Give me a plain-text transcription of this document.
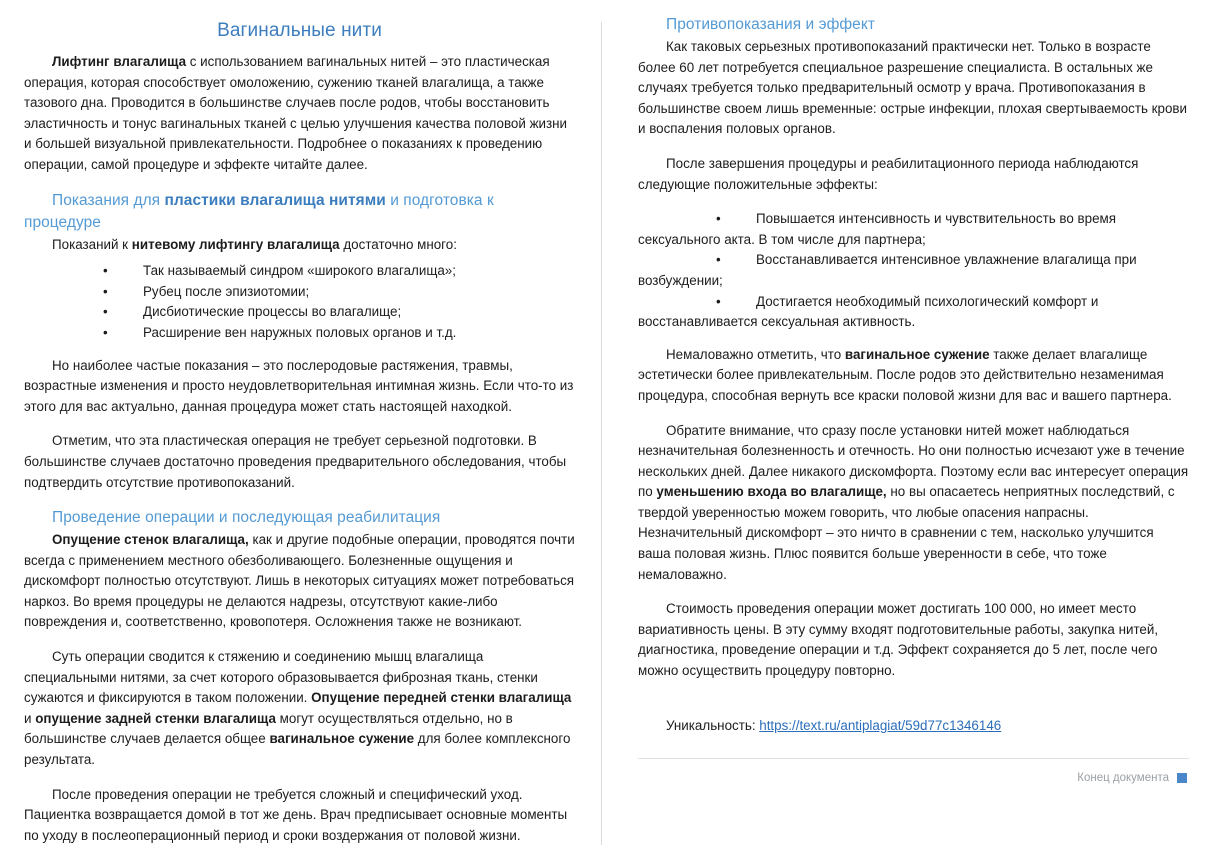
Вагинальные нити

Лифтинг влагалища с использованием вагинальных нитей – это пластическая операция, которая способствует омоложению, сужению тканей влагалища, а также тазового дна. Проводится в большинстве случаев после родов, чтобы восстановить эластичность и тонус вагинальных тканей с целью улучшения качества половой жизни и большей визуальной привлекательности. Подробнее о показаниях к проведению операции, самой процедуре и эффекте читайте далее.

Показания для пластики влагалища нитями и подготовка к процедуре

Показаний к нитевому лифтингу влагалища достаточно много:

•	Так называемый синдром «широкого влагалища»;
•	Рубец после эпизиотомии;
•	Дисбиотические процессы во влагалище;
•	Расширение вен наружных половых органов и т.д.

Но наиболее частые показания – это послеродовые растяжения, травмы, возрастные изменения и просто неудовлетворительная интимная жизнь. Если что-то из этого для вас актуально, данная процедура может стать настоящей находкой.

Отметим, что эта пластическая операция не требует серьезной подготовки. В большинстве случаев достаточно проведения предварительного обследования, чтобы подтвердить отсутствие противопоказаний.

Проведение операции и последующая реабилитация

Опущение стенок влагалища, как и другие подобные операции, проводятся почти всегда с применением местного обезболивающего. Болезненные ощущения и дискомфорт полностью отсутствуют. Лишь в некоторых ситуациях может потребоваться наркоз. Во время процедуры не делаются надрезы, отсутствуют какие-либо повреждения и, соответственно, кровопотеря. Осложнения также не возникают.

Суть операции сводится к стяжению и соединению мышц влагалища специальными нитями, за счет которого образовывается фиброзная ткань, стенки сужаются и фиксируются в таком положении. Опущение передней стенки влагалища и опущение задней стенки влагалища могут осуществляться отдельно, но в большинстве случаев делается общее вагинальное сужение для более комплексного результата.

После проведения операции не требуется сложный и специфический уход. Пациентка возвращается домой в тот же день. Врач предписывает основные моменты по уходу в послеоперационный период и сроки воздержания от половой жизни.

Противопоказания и эффект

Как таковых серьезных противопоказаний практически нет. Только в возрасте более 60 лет потребуется специальное разрешение специалиста. В остальных же случаях требуется только предварительный осмотр у врача. Противопоказания в большинстве своем лишь временные: острые инфекции, плохая свертываемость крови и воспаления половых органов.

После завершения процедуры и реабилитационного периода наблюдаются следующие положительные эффекты:

•	Повышается интенсивность и чувствительность во время сексуального акта. В том числе для партнера;
•	Восстанавливается интенсивное увлажнение влагалища при возбуждении;
•	Достигается необходимый психологический комфорт и восстанавливается сексуальная активность.

Немаловажно отметить, что вагинальное сужение также делает влагалище эстетически более привлекательным. После родов это действительно незаменимая процедура, способная вернуть все краски половой жизни для вас и вашего партнера.

Обратите внимание, что сразу после установки нитей может наблюдаться незначительная болезненность и отечность. Но они полностью исчезают уже в течение нескольких дней. Далее никакого дискомфорта. Поэтому если вас интересует операция по уменьшению входа во влагалище, но вы опасаетесь неприятных последствий, с твердой уверенностью можем говорить, что любые опасения напрасны. Незначительный дискомфорт – это ничто в сравнении с тем, насколько улучшится ваша половая жизнь. Плюс появится больше уверенности в себе, что тоже немаловажно.

Стоимость проведения операции может достигать 100 000, но имеет место вариативность цены. В эту сумму входят подготовительные работы, закупка нитей, диагностика, проведение операции и т.д. Эффект сохраняется до 5 лет, после чего можно осуществить процедуру повторно.

Уникальность: https://text.ru/antiplagiat/59d77c1346146

Конец документа
